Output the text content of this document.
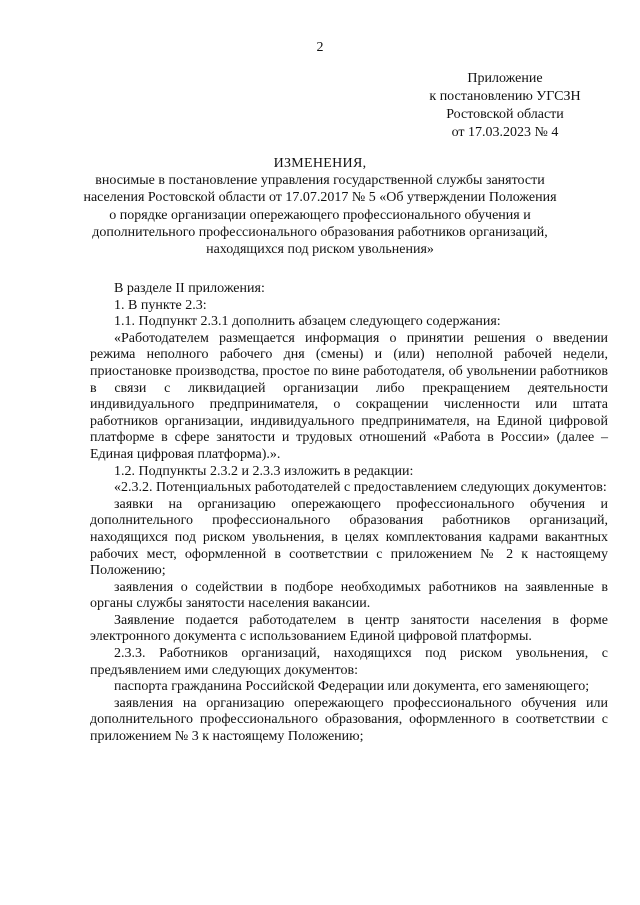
2
Приложение
к постановлению УГСЗН
Ростовской области
от 17.03.2023 № 4
ИЗМЕНЕНИЯ,
вносимые в постановление управления государственной службы занятости
населения Ростовской области от 17.07.2017 № 5 «Об утверждении Положения
о порядке организации опережающего профессионального обучения и
дополнительного профессионального образования работников организаций,
находящихся под риском увольнения»

В разделе II приложения:

1. В пункте 2.3:

1.1. Подпункт 2.3.1 дополнить абзацем следующего содержания:

«Работодателем размещается информация о принятии решения о введении режима неполного рабочего дня (смены) и (или) неполной рабочей недели, приостановке производства, простое по вине работодателя, об увольнении работников в связи с ликвидацией организации либо прекращением деятельности индивидуального предпринимателя, о сокращении численности или штата работников организации, индивидуального предпринимателя, на Единой цифровой платформе в сфере занятости и трудовых отношений «Работа в России» (далее – Единая цифровая платформа).».

1.2. Подпункты 2.3.2 и 2.3.3 изложить в редакции:

«2.3.2. Потенциальных работодателей с предоставлением следующих документов:

заявки на организацию опережающего профессионального обучения и дополнительного профессионального образования работников организаций, находящихся под риском увольнения, в целях комплектования кадрами вакантных рабочих мест, оформленной в соответствии с приложением № 2 к настоящему Положению;

заявления о содействии в подборе необходимых работников на заявленные в органы службы занятости населения вакансии.

Заявление подается работодателем в центр занятости населения в форме электронного документа с использованием Единой цифровой платформы.

2.3.3. Работников организаций, находящихся под риском увольнения, с предъявлением ими следующих документов:

паспорта гражданина Российской Федерации или документа, его заменяющего;

заявления на организацию опережающего профессионального обучения или дополнительного профессионального образования, оформленного в соответствии с приложением № 3 к настоящему Положению;
